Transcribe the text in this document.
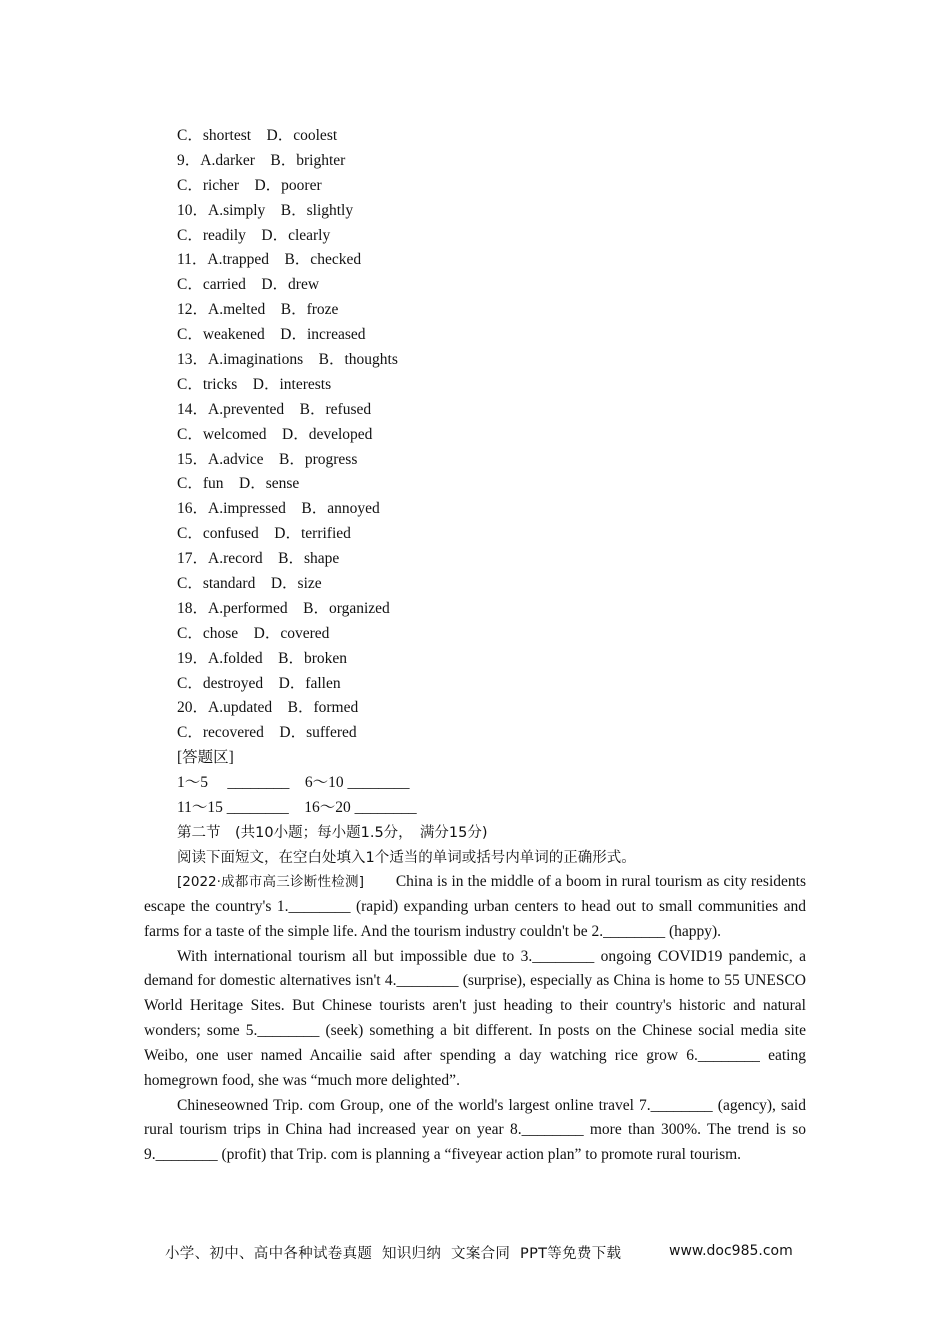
C．shortest　D．coolest
9．A.darker　B．brighter
C．richer　D．poorer
10．A.simply　B．slightly
C．readily　D．clearly
11．A.trapped　B．checked
C．carried　D．drew
12．A.melted　B．froze
C．weakened　D．increased
13．A.imaginations　B．thoughts
C．tricks　D．interests
14．A.prevented　B．refused
C．welcomed　D．developed
15．A.advice　B．progress
C．fun　D．sense
16．A.impressed　B．annoyed
C．confused　D．terrified
17．A.record　B．shape
C．standard　D．size
18．A.performed　B．organized
C．chose　D．covered
19．A.folded　B．broken
C．destroyed　D．fallen
20．A.updated　B．formed
C．recovered　D．suffered
[答题区]
1～5　 ________　6～10 ________
11～15 ________　16～20 ________
第二节　(共10小题；每小题1.5分，　满分15分)
阅读下面短文，在空白处填入1个适当的单词或括号内单词的正确形式。

[2022·成都市高三诊断性检测]　　 China is in the middle of a boom in rural tourism as city residents escape the country's 1.________ (rapid) expanding urban centers to head out to small communities and farms for a taste of the simple life. And the tourism industry couldn't be 2.________ (happy).

With international tourism all but impossible due to 3.________ ongoing COVID19 pandemic, a demand for domestic alternatives isn't 4.________ (surprise), especially as China is home to 55 UNESCO World Heritage Sites. But Chinese tourists aren't just heading to their country's historic and natural wonders; some 5.________ (seek) something a bit different. In posts on the Chinese social media site Weibo, one user named Ancailie said after spending a day watching rice grow 6.________ eating homegrown food, she was “much more delighted”.

Chineseowned Trip. com Group, one of the world's largest online travel 7.________ (agency), said rural tourism trips in China had increased year on year 8.________ more than 300%. The trend is so 9.________ (profit) that Trip. com is planning a “fiveyear action plan” to promote rural tourism.

小学、初中、高中各种试卷真题  知识归纳  文案合同  PPT等免费下载	www.doc985.com
